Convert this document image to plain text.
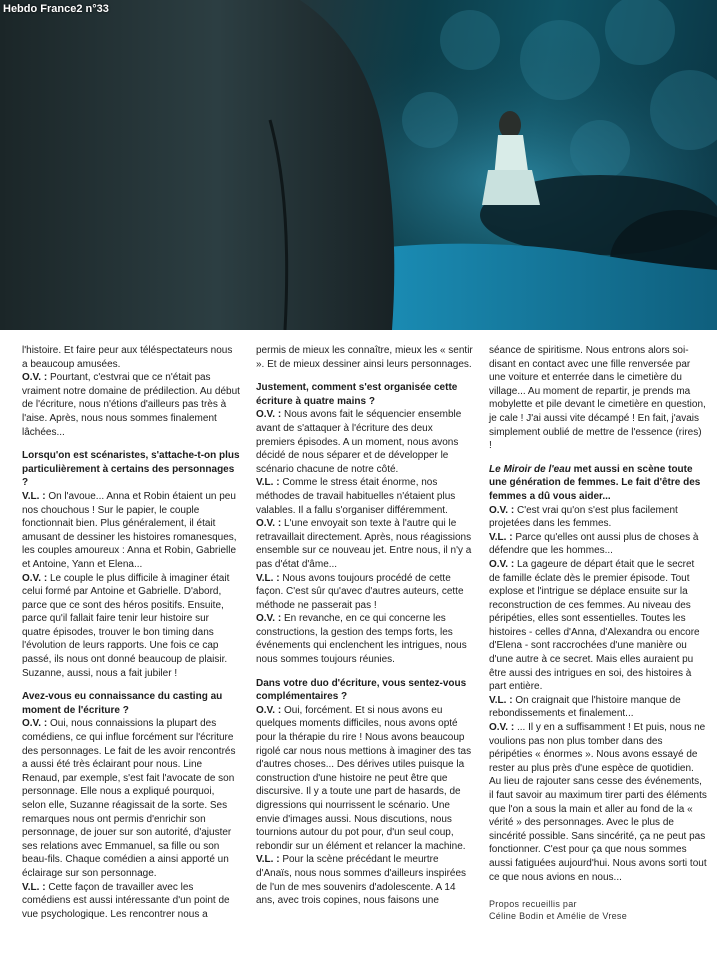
Hebdo France2 n°33

l'histoire. Et faire peur aux téléspectateurs nous a beaucoup amusées.

O.V. : Pourtant, c'estvrai que ce n'était pas vraiment notre domaine de prédilection. Au début de l'écriture, nous n'étions d'ailleurs pas très à l'aise. Après, nous nous sommes finalement lâchées...

Lorsqu'on est scénaristes, s'attache-t-on plus particulièrement à certains des personnages ?

V.L. : On l'avoue... Anna et Robin étaient un peu nos chouchous ! Sur le papier, le couple fonctionnait bien. Plus généralement, il était amusant de dessiner les histoires romanesques, les couples amoureux : Anna et Robin, Gabrielle et Antoine, Yann et Elena...

O.V. : Le couple le plus difficile à imaginer était celui formé par Antoine et Gabrielle. D'abord, parce que ce sont des héros positifs. Ensuite, parce qu'il fallait faire tenir leur histoire sur quatre épisodes, trouver le bon timing dans l'évolution de leurs rapports. Une fois ce cap passé, ils nous ont donné beaucoup de plaisir. Suzanne, aussi, nous a fait jubiler !

Avez-vous eu connaissance du casting au moment de l'écriture ?

O.V. : Oui, nous connaissions la plupart des comédiens, ce qui influe forcément sur l'écriture des personnages. Le fait de les avoir rencontrés a aussi été très éclairant pour nous. Line Renaud, par exemple, s'est fait l'avocate de son personnage. Elle nous a expliqué pourquoi, selon elle, Suzanne réagissait de la sorte. Ses remarques nous ont permis d'enrichir son personnage, de jouer sur son autorité, d'ajuster ses relations avec Emmanuel, sa fille ou son beau-fils. Chaque comédien a ainsi apporté un éclairage sur son personnage.

V.L. : Cette façon de travailler avec les comédiens est aussi intéressante d'un point de vue psychologique. Les rencontrer nous a

permis de mieux les connaître, mieux les « sentir ». Et de mieux dessiner ainsi leurs personnages.

Justement, comment s'est organisée cette écriture à quatre mains ?

O.V. : Nous avons fait le séquencier ensemble avant de s'attaquer à l'écriture des deux premiers épisodes. A un moment, nous avons décidé de nous séparer et de développer le scénario chacune de notre côté.

V.L. : Comme le stress était énorme, nos méthodes de travail habituelles n'étaient plus valables. Il a fallu s'organiser différemment.

O.V. : L'une envoyait son texte à l'autre qui le retravaillait directement. Après, nous réagissions ensemble sur ce nouveau jet. Entre nous, il n'y a pas d'état d'âme...

V.L. : Nous avons toujours procédé de cette façon. C'est sûr qu'avec d'autres auteurs, cette méthode ne passerait pas !

O.V. : En revanche, en ce qui concerne les constructions, la gestion des temps forts, les événements qui enclenchent les intrigues, nous nous sommes toujours réunies.

Dans votre duo d'écriture, vous sentez-vous complémentaires ?

O.V. : Oui, forcément. Et si nous avons eu quelques moments difficiles, nous avons opté pour la thérapie du rire ! Nous avons beaucoup rigolé car nous nous mettions à imaginer des tas d'autres choses... Des dérives utiles puisque la construction d'une histoire ne peut être que discursive. Il y a toute une part de hasards, de digressions qui nourrissent le scénario. Une envie d'images aussi. Nous discutions, nous tournions autour du pot pour, d'un seul coup, rebondir sur un élément et relancer la machine.

V.L. : Pour la scène précédant le meurtre d'Anaïs, nous nous sommes d'ailleurs inspirées de l'un de mes souvenirs d'adolescente. A 14 ans, avec trois copines, nous faisons une

séance de spiritisme. Nous entrons alors soi-disant en contact avec une fille renversée par une voiture et enterrée dans le cimetière du village... Au moment de repartir, je prends ma mobylette et pile devant le cimetière en question, je cale ! J'ai aussi vite décampé ! En fait, j'avais simplement oublié de mettre de l'essence (rires) !

Le Miroir de l'eau met aussi en scène toute une génération de femmes. Le fait d'être des femmes a dû vous aider...

O.V. : C'est vrai qu'on s'est plus facilement projetées dans les femmes.

V.L. : Parce qu'elles ont aussi plus de choses à défendre que les hommes...

O.V. : La gageure de départ était que le secret de famille éclate dès le premier épisode. Tout explose et l'intrigue se déplace ensuite sur la reconstruction de ces femmes. Au niveau des péripéties, elles sont essentielles. Toutes les histoires - celles d'Anna, d'Alexandra ou encore d'Elena - sont raccrochées d'une manière ou d'une autre à ce secret. Mais elles auraient pu être aussi des intrigues en soi, des histoires à part entière.

V.L. : On craignait que l'histoire manque de rebondissements et finalement...

O.V. : ... Il y en a suffisamment ! Et puis, nous ne voulions pas non plus tomber dans des péripéties « énormes ». Nous avons essayé de rester au plus près d'une espèce de quotidien. Au lieu de rajouter sans cesse des événements, il faut savoir au maximum tirer parti des éléments que l'on a sous la main et aller au fond de la « vérité » des personnages. Avec le plus de sincérité possible. Sans sincérité, ça ne peut pas fonctionner. C'est pour ça que nous sommes aussi fatiguées aujourd'hui. Nous avons sorti tout ce que nous avions en nous...

Propos recueillis par
Céline Bodin et Amélie de Vrese
